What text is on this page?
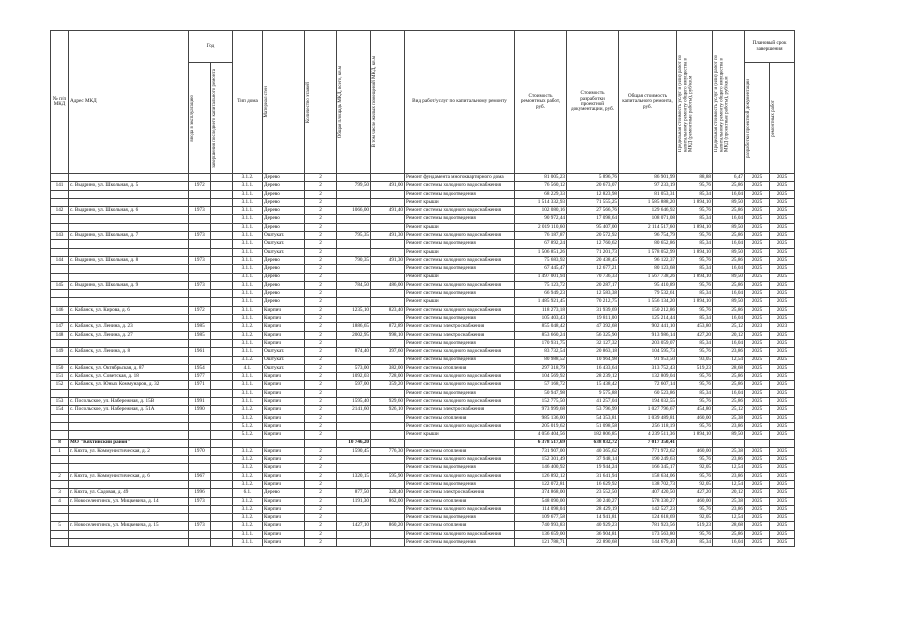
№ п/п МКД	Адрес МКД	Год		Тип дома	Материал стен	Количество этажей	Общая площадь МКД, всего, кв.м	В том числе жилых помещений МКД, кв.м	Вид работ/услуг по капитальному ремонту	Стоимость ремонтных работ, руб.	Стоимость разработки проектной документации, руб.	Общая стоимость капитального ремонта, руб.	Предельная стоимость услуг и (или) работ по капитальному ремонту общего имущества в МКД (ремонтные работы), руб/кв.м	Предельная стоимость услуг и (или) работ по капитальному ремонту общего имущества в МКД (проектные работы), руб/кв.м	Плановый срок завершения	

		ввода в эксплуатацию	завершения последнего капитального ремонта												разработки проектной документации	ремонтных работ

				3.1.2.	Дерево	2			Ремонт фундамента многоквартирного дома	81 005,23	5 896,76	86 901,99	88,88	6,47	2025	2025
141	с. Выдрино, ул. Школьная, д. 5	1972		3.1.1.	Дерево	2	799,50	491,00	Ремонт системы холодного водоснабжения	76 560,12	20 673,07	97 233,19	95,76	25,86	2025	2025
				3.1.1.	Дерево	2			Ремонт системы водоотведения	68 229,33	12 823,98	81 053,31	85,34	16,04	2025	2025
				3.1.1.	Дерево	2			Ремонт крыши	1 514 332,93	71 555,25	1 585 888,20	1 894,10	89,50	2025	2025
142	с. Выдрино, ул. Школьная, д. 6	1973		3.1.1.	Дерево	2	1066,00	491,40	Ремонт системы холодного водоснабжения	102 080,16	27 566,76	129 646,92	95,76	25,86	2025	2025
				3.1.1.	Дерево	2			Ремонт системы водоотведения	90 972,44	17 098,64	108 071,08	85,34	16,04	2025	2025
				3.1.1.	Дерево	2			Ремонт крыши	2 019 110,60	95 407,00	2 114 517,60	1 894,10	89,50	2025	2025
143	с. Выдрино, ул. Школьная, д. 7	1973		3.1.1.	Оштукат.	2	795,35	491,30	Ремонт системы холодного водоснабжения	76 187,87	20 572,92	96 754,79	95,76	25,86	2025	2025
				3.1.1.	Оштукат.	2			Ремонт системы водоотведения	67 892,24	12 760,62	80 652,86	85,34	16,04	2025	2025
				3.1.1.	Оштукат.	2			Ремонт крыши	1 506 851,26	71 201,73	1 578 052,99	1 894,10	89,50	2025	2025
144	с. Выдрино, ул. Школьная, д. 8	1973		3.1.1.	Дерево	2	790,35	491,30	Ремонт системы холодного водоснабжения	75 683,92	20 438,45	96 122,37	95,76	25,86	2025	2025
				3.1.1.	Дерево	2			Ремонт системы водоотведения	67 445,47	12 677,21	80 123,68	85,34	16,04	2025	2025
				3.1.1.	Дерево	2			Ремонт крыши	1 497 001,94	70 736,33	1 567 738,26	1 894,10	89,50	2025	2025
145	с. Выдрино, ул. Школьная, д. 9	1973		3.1.1.	Дерево	2	784,50	486,00	Ремонт системы холодного водоснабжения	75 123,72	20 287,17	95 410,89	95,76	25,86	2025	2025
				3.1.1.	Дерево	2			Ремонт системы водоотведения	66 949,23	12 583,38	79 532,61	85,34	16,04	2025	2025
				3.1.1.	Дерево	2			Ремонт крыши	1 485 921,45	70 212,75	1 556 134,20	1 894,10	89,50	2025	2025
146	с. Кабанск, ул. Кирова, д. 6	1972		3.1.1.	Кирпич	2	1235,10	823,40	Ремонт системы холодного водоснабжения	118 273,18	31 939,69	150 212,86	95,76	25,86	2025	2025
				3.1.1.	Кирпич	2			Ремонт системы водоотведения	105 403,43	19 811,00	125 214,44	85,34	16,04	2025	2025
147	с. Кабанск, ул. Ленина, д. 23	1985		3.1.2.	Кирпич	2	1886,65	872,89	Ремонт системы электроснабжения	855 048,42	47 392,68	902 441,10	453,80	25,12	2023	2023
148	с. Кабанск, ул. Ленина, д. 27	1985		3.1.2.	Кирпич	2	2002,95	998,10	Ремонт системы электроснабжения	853 660,24	56 325,90	913 986,14	427,20	20,12	2025	2025
				3.1.1.	Кирпич	2			Ремонт системы водоотведения	170 931,75	32 127,32	203 059,07	85,34	16,04	2025	2025
149	с. Кабанск, ул. Ленина, д. 8	1961		3.1.1.	Оштукат.	2	874,40	397,60	Ремонт системы холодного водоснабжения	83 732,54	20 863,18	104 595,73	95,76	23,86	2025	2025
				3.1.2.	Оштукат.	2			Ремонт системы водоотведения	80 988,52	10 964,98	91 953,50	93,05	12,54	2025	2025
150	с. Кабанск, ул. Октябрьская, д. 87	1954		4.1.	Оштукат.	2	573,00	382,00	Ремонт системы отопления	297 318,79	16 433,64	313 752,43	519,23	28,68	2025	2025
151	с. Кабанск, ул. Советская, д. 18	1977		3.1.1.	Кирпич	2	1092,03	728,00	Ремонт системы холодного водоснабжения	104 569,92	28 239,12	132 809,04	95,76	25,86	2025	2025
152	с. Кабанск, ул. Юных Коммунаров, д. 32	1971		3.1.1.	Кирпич	2	597,00	359,20	Ремонт системы холодного водоснабжения	57 168,72	15 438,42	72 607,14	95,76	25,86	2025	2025
				3.1.1.	Кирпич	2			Ремонт системы водоотведения	50 947,98	9 575,88	60 523,86	85,34	16,04	2025	2025
153	с. Посольское, ул. Набережная, д. 15В	1991		3.1.1.	Кирпич	2	1595,40	929,60	Ремонт системы холодного водоснабжения	152 775,50	41 257,04	194 032,55	95,76	25,86	2025	2025
154	с. Посольское, ул. Набережная, д. 51А	1990		3.1.2.	Кирпич	2	2141,60	926,10	Ремонт системы электроснабжения	973 999,68	53 796,99	1 027 796,67	454,80	25,12	2025	2025
				3.1.2.	Кирпич	2			Ремонт системы отопления	985 136,00	54 353,81	1 039 489,81	460,00	25,38	2025	2025
				5.1.2.	Кирпич	2			Ремонт системы холодного водоснабжения	205 019,62	51 098,58	256 118,19	95,76	23,86	2025	2025
				5.1.2.	Кирпич	2			Ремонт крыши	4 056 404,56	182 806,85	4 239 511,36	1 894,10	89,50	2025	2025
8	МО "Кяхтинский район"						10 746,20			6 378 517,69	638 832,72	7 017 350,41				
1	г. Кяхта, ул. Коммунистическая, д. 2	1970		3.1.2.	Кирпич	2	1590,45	776,30	Ремонт системы отопления	731 907,00	40 365,62	771 972,62	460,00	25,38	2025	2025
				3.1.2.	Кирпич	2			Ремонт системы холодного водоснабжения	152 301,49	37 948,14	190 249,63	95,76	23,86	2025	2025
				3.1.2.	Кирпич	2			Ремонт системы водоотведения	146 400,92	19 944,24	166 345,17	92,05	12,54	2025	2025
2	г. Кяхта, ул. Коммунистическая, д. 6	1967		3.1.2.	Кирпич	2	1320,15	595,90	Ремонт системы холодного водоснабжения	126 892,12	31 641,94	158 634,06	95,76	23,86	2025	2025
				3.1.2.	Кирпич	2			Ремонт системы водоотведения	122 072,81	16 629,92	138 702,73	92,05	12,54	2025	2025
3	г. Кяхта, ул. Садовая, д. 49	1996		6.1.	Дерево	2	877,50	328,40	Ремонт системы электроснабжения	374 868,00	23 552,50	407 420,50	427,20	20,12	2025	2025
4	г. Новоселенгинск, ул. Мицкевича, д. 14	1973		3.1.2.	Кирпич	2	1191,30	862,00	Ремонт системы отопления	548 090,00	30 240,27	578 330,27	460,00	25,38	2025	2025
				3.1.2.	Кирпич	2			Ремонт системы холодного водоснабжения	114 098,04	28 429,19	142 527,23	95,76	23,86	2025	2025
				3.1.2.	Кирпич	2			Ремонт системы водоотведения	109 677,58	14 941,81	124 618,69	92,05	12,54	2025	2025
5	г. Новоселенгинск, ул. Мицкевича, д. 15	1973		3.1.2.	Кирпич	2	1427,10	860,20	Ремонт системы отопления	740 993,83	40 929,23	781 923,56	519,23	28,68	2025	2025
				3.1.1.	Кирпич	2			Ремонт системы холодного водоснабжения	136 659,00	36 904,81	173 563,80	95,76	25,86	2025	2025
				3.1.1.	Кирпич	2			Ремонт системы водоотведения	121 788,71	22 890,68	144 679,40	85,34	16,04	2025	2025
